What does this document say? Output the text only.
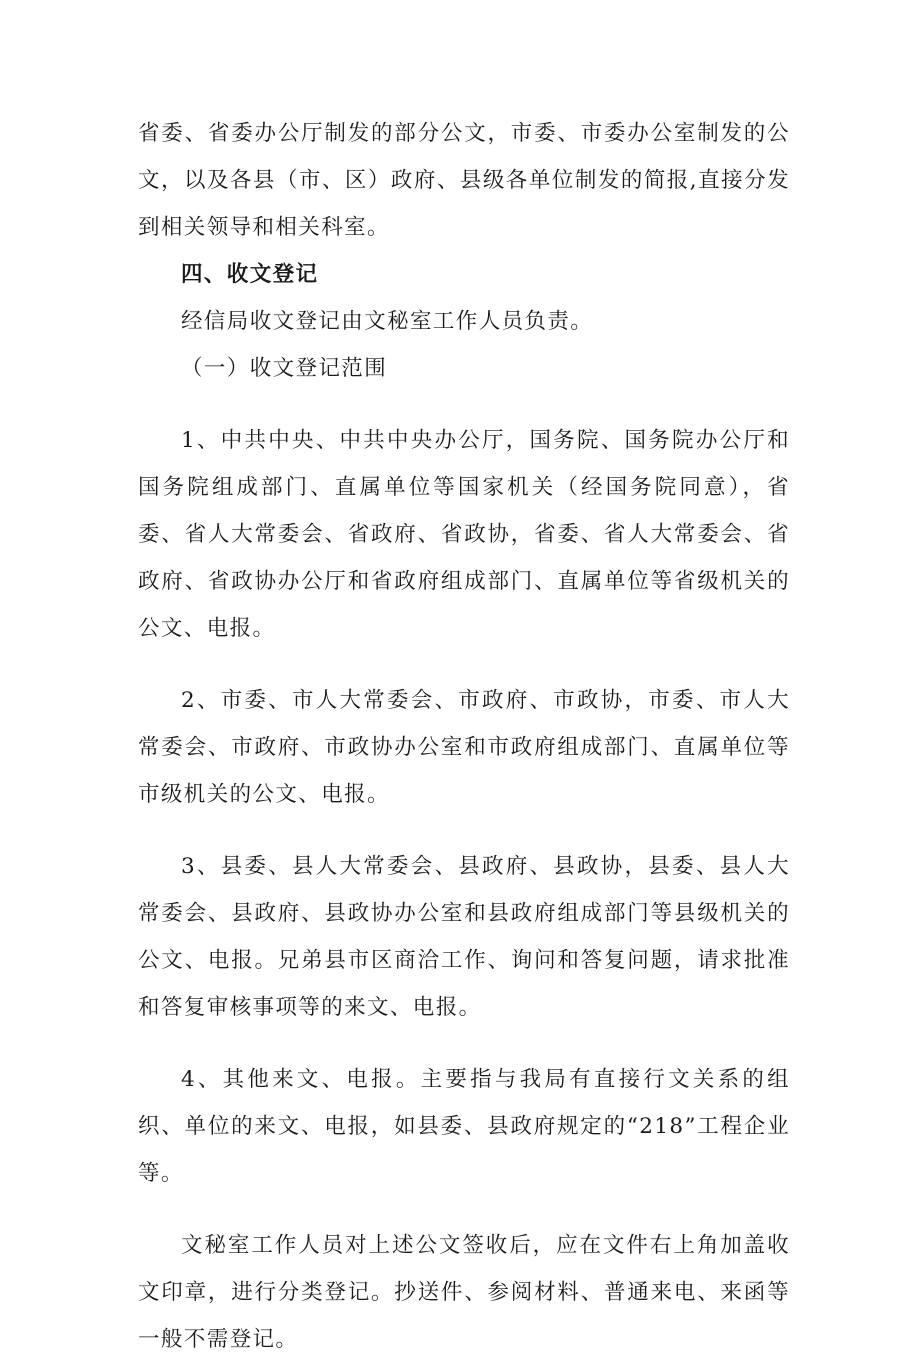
省委、省委办公厅制发的部分公文，市委、市委办公室制发的公文，以及各县（市、区）政府、县级各单位制发的简报,直接分发到相关领导和相关科室。

四、收文登记

经信局收文登记由文秘室工作人员负责。

（一）收文登记范围

1、中共中央、中共中央办公厅，国务院、国务院办公厅和国务院组成部门、直属单位等国家机关（经国务院同意），省委、省人大常委会、省政府、省政协，省委、省人大常委会、省政府、省政协办公厅和省政府组成部门、直属单位等省级机关的公文、电报。

2、市委、市人大常委会、市政府、市政协，市委、市人大常委会、市政府、市政协办公室和市政府组成部门、直属单位等市级机关的公文、电报。

3、县委、县人大常委会、县政府、县政协，县委、县人大常委会、县政府、县政协办公室和县政府组成部门等县级机关的公文、电报。兄弟县市区商洽工作、询问和答复问题，请求批准和答复审核事项等的来文、电报。

4、其他来文、电报。主要指与我局有直接行文关系的组织、单位的来文、电报，如县委、县政府规定的“218”工程企业等。

文秘室工作人员对上述公文签收后，应在文件右上角加盖收文印章，进行分类登记。抄送件、参阅材料、普通来电、来函等一般不需登记。
